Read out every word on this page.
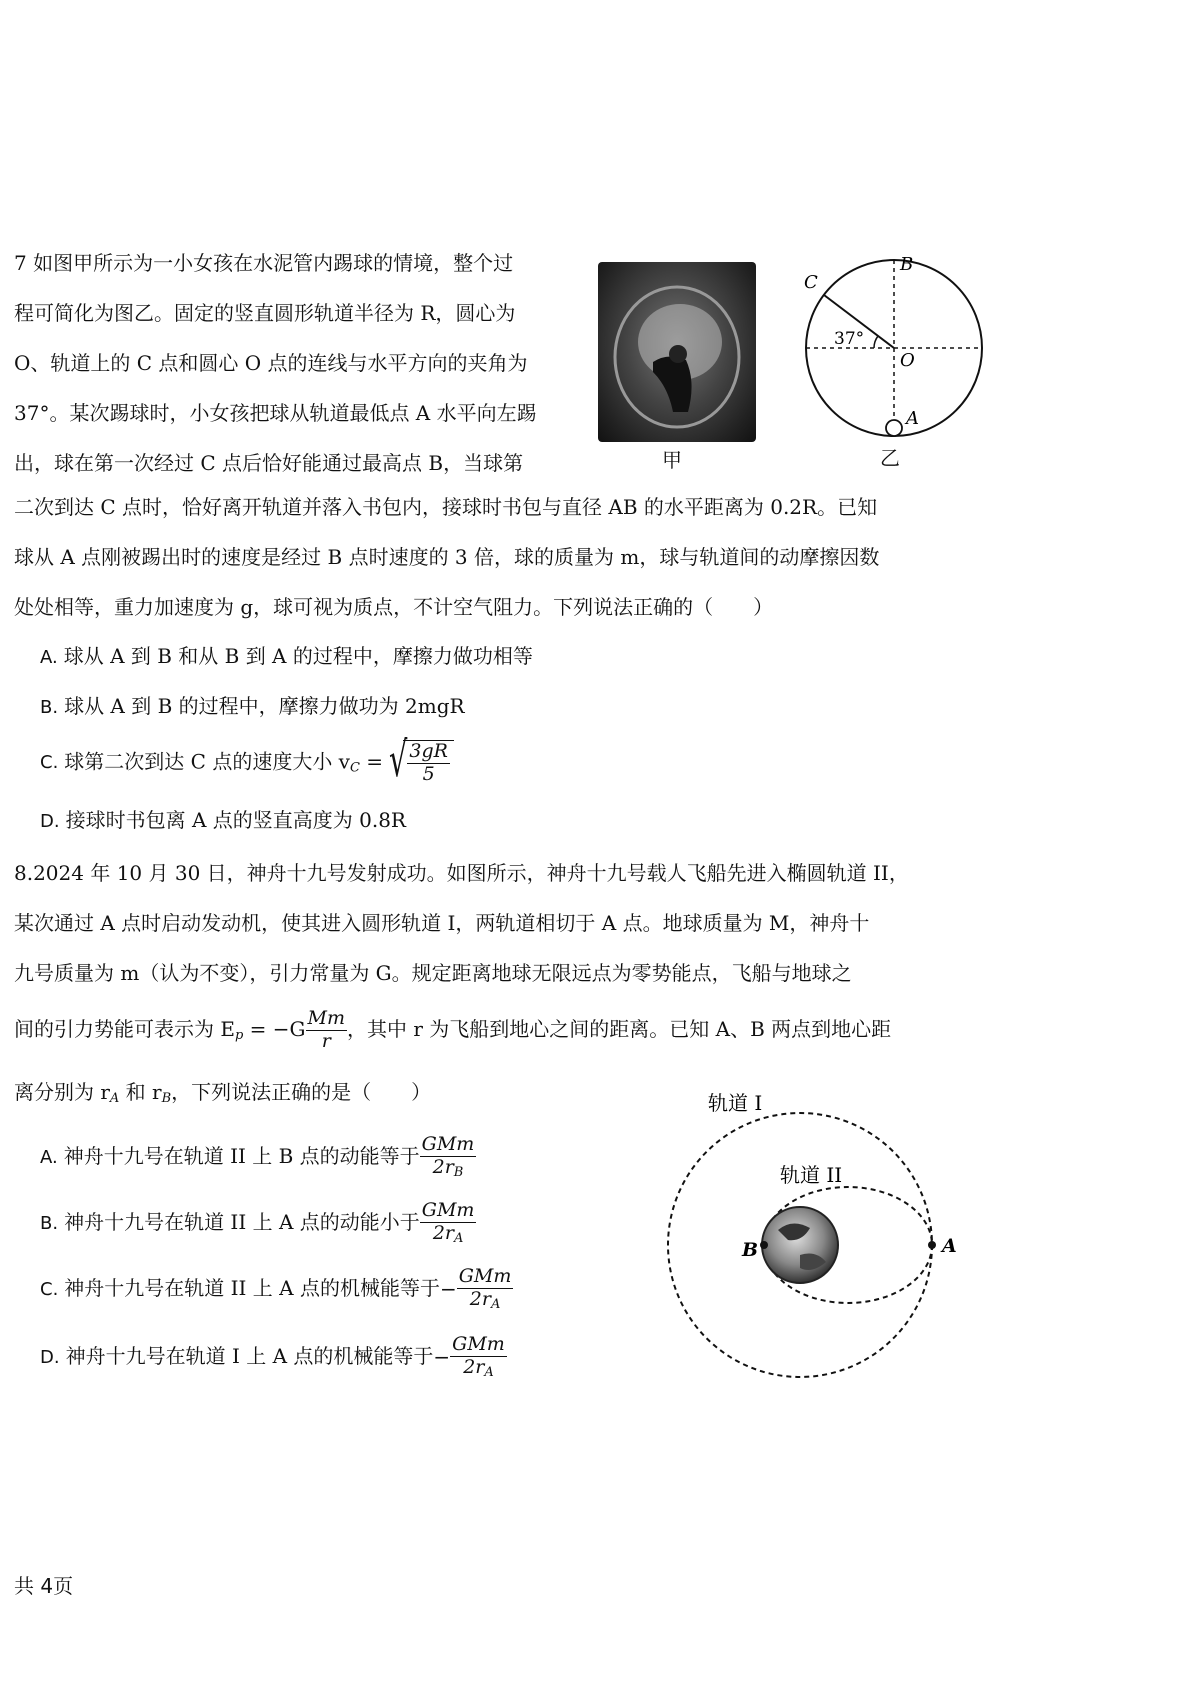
7 如图甲所示为一小女孩在水泥管内踢球的情境，整个过
程可简化为图乙。固定的竖直圆形轨道半径为 R，圆心为
O、轨道上的 C 点和圆心 O 点的连线与水平方向的夹角为
37°。某次踢球时，小女孩把球从轨道最低点 A 水平向左踢
出，球在第一次经过 C 点后恰好能通过最高点 B，当球第	甲
B
C
O
A
37°
乙
二次到达 C 点时，恰好离开轨道并落入书包内，接球时书包与直径 AB 的水平距离为 0.2R。已知
球从 A 点刚被踢出时的速度是经过 B 点时速度的 3 倍，球的质量为 m，球与轨道间的动摩擦因数
处处相等，重力加速度为 g，球可视为质点，不计空气阻力。下列说法正确的（　　）
A. 球从 A 到 B 和从 B 到 A 的过程中，摩擦力做功相等
B. 球从 A 到 B 的过程中，摩擦力做功为 2mgR
C. 球第二次到达 C 点的速度大小 $v_C$ = √ $\frac{3gR}{5}$
D. 接球时书包离 A 点的竖直高度为 0.8R
8.2024 年 10 月 30 日，神舟十九号发射成功。如图所示，神舟十九号载人飞船先进入椭圆轨道 II，
某次通过 A 点时启动发动机，使其进入圆形轨道 I，两轨道相切于 A 点。地球质量为 M，神舟十
九号质量为 m（认为不变），引力常量为 G。规定距离地球无限远点为零势能点，飞船与地球之
间的引力势能可表示为 $E_p = -G \frac{Mm}{r}$ ，其中 r 为飞船到地心之间的距离。已知 A、B 两点到地心距
离分别为 $r_A$ 和 $r_B$，下列说法正确的是（　　）
A. 神舟十九号在轨道 II 上 B 点的动能等于 $\frac{\text{GMm}}{2r_B}$
B. 神舟十九号在轨道 II 上 A 点的动能小于 $\frac{\text{GMm}}{2r_A}$
C. 神舟十九号在轨道 II 上 A 点的机械能等于− $\frac{\text{GMm}}{2r_A}$
D. 神舟十九号在轨道 I 上 A 点的机械能等于− $\frac{\text{GMm}}{2r_A}$
轨道 I
轨道 II
B	A
共 4页
